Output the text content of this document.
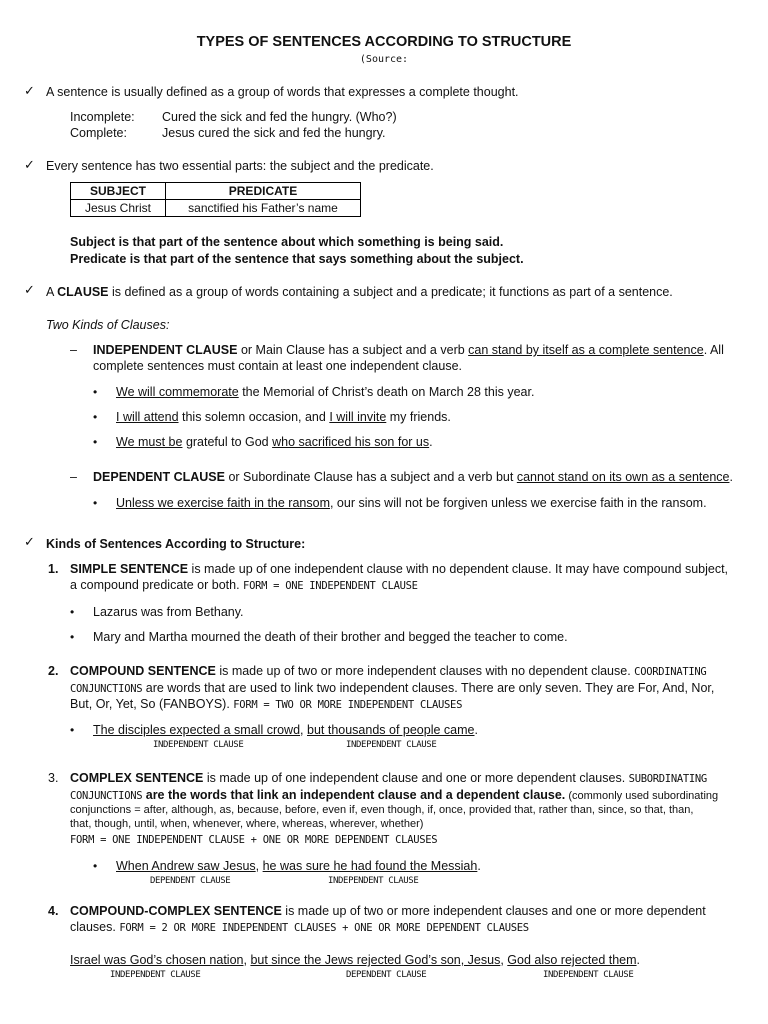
TYPES OF SENTENCES ACCORDING TO STRUCTURE
(Source:
✓ A sentence is usually defined as a group of words that expresses a complete thought.
Incomplete: Cured the sick and fed the hungry. (Who?)
Complete:	Jesus cured the sick and fed the hungry.
✓ Every sentence has two essential parts: the subject and the predicate.
SUBJECT	PREDICATE
Jesus Christ	sanctified his Father’s name
Subject is that part of the sentence about which something is being said.
Predicate is that part of the sentence that says something about the subject.
✓ A CLAUSE is defined as a group of words containing a subject and a predicate; it functions as part of a sentence.
Two Kinds of Clauses:
– INDEPENDENT CLAUSE or Main Clause has a subject and a verb can stand by itself as a complete sentence. All
complete sentences must contain at least one independent clause.
• We will commemorate the Memorial of Christ’s death on March 28 this year.
• I will attend this solemn occasion, and I will invite my friends.
• We must be grateful to God who sacrificed his son for us.
– DEPENDENT CLAUSE or Subordinate Clause has a subject and a verb but cannot stand on its own as a sentence.
• Unless we exercise faith in the ransom, our sins will not be forgiven unless we exercise faith in the ransom.
✓ Kinds of Sentences According to Structure:
1. SIMPLE SENTENCE is made up of one independent clause with no dependent clause. It may have compound subject,
a compound predicate or both. FORM = ONE INDEPENDENT CLAUSE
• Lazarus was from Bethany.
• Mary and Martha mourned the death of their brother and begged the teacher to come.
2. COMPOUND SENTENCE is made up of two or more independent clauses with no dependent clause. COORDINATING
CONJUNCTIONS are words that are used to link two independent clauses. There are only seven. They are For, And, Nor,
But, Or, Yet, So (FANBOYS). FORM = TWO OR MORE INDEPENDENT CLAUSES
• The disciples expected a small crowd, but thousands of people came.
INDEPENDENT CLAUSE	INDEPENDENT CLAUSE
3. COMPLEX SENTENCE is made up of one independent clause and one or more dependent clauses. SUBORDINATING
CONJUNCTIONS are the words that link an independent clause and a dependent clause. (commonly used subordinating
conjunctions = after, although, as, because, before, even if, even though, if, once, provided that, rather than, since, so that, than,
that, though, until, when, whenever, where, whereas, wherever, whether)
FORM = ONE INDEPENDENT CLAUSE + ONE OR MORE DEPENDENT CLAUSES
• When Andrew saw Jesus, he was sure he had found the Messiah.
DEPENDENT CLAUSE	INDEPENDENT CLAUSE
4. COMPOUND-COMPLEX SENTENCE is made up of two or more independent clauses and one or more dependent
clauses. FORM = 2 OR MORE INDEPENDENT CLAUSES + ONE OR MORE DEPENDENT CLAUSES
Israel was God’s chosen nation, but since the Jews rejected God’s son, Jesus, God also rejected them.
INDEPENDENT CLAUSE	DEPENDENT CLAUSE	INDEPENDENT CLAUSE
